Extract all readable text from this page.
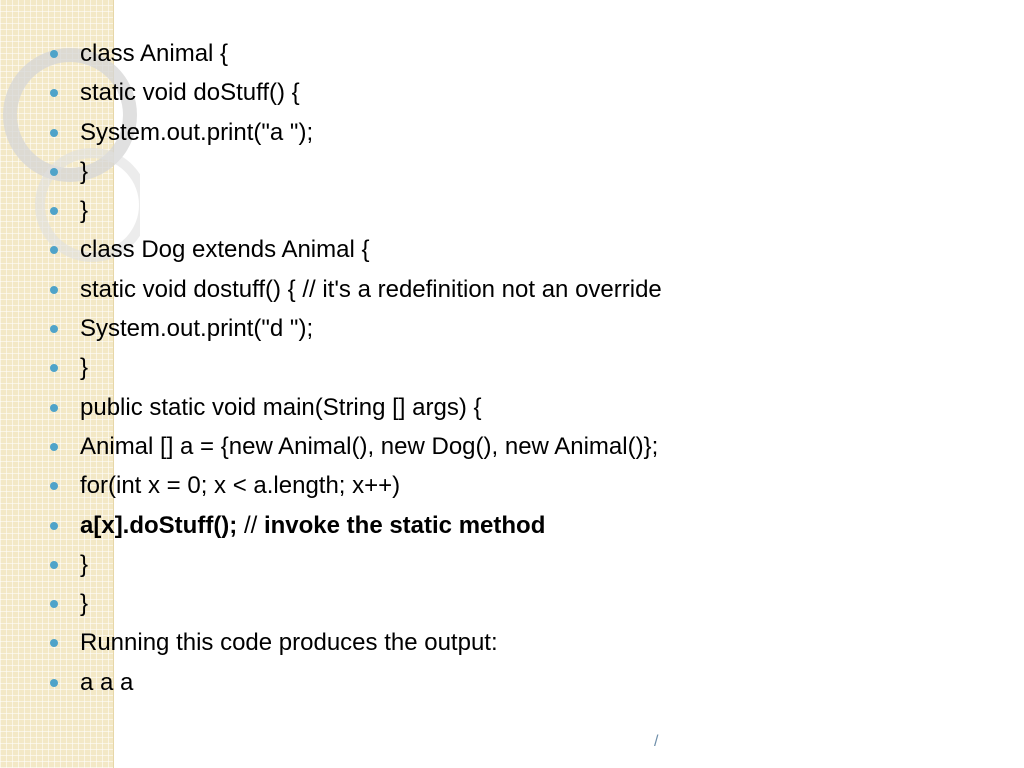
class Animal {
static void doStuff() {
System.out.print("a ");
}
}
class Dog extends Animal {
static void dostuff() { // it's a redefinition not an override
System.out.print("d ");
}
public static void main(String [] args) {
Animal [] a = {new Animal(), new Dog(), new Animal()};
for(int x = 0; x < a.length; x++)
a[x].doStuff(); // invoke the static method
}
}
Running this code produces the output:
a a a
/
